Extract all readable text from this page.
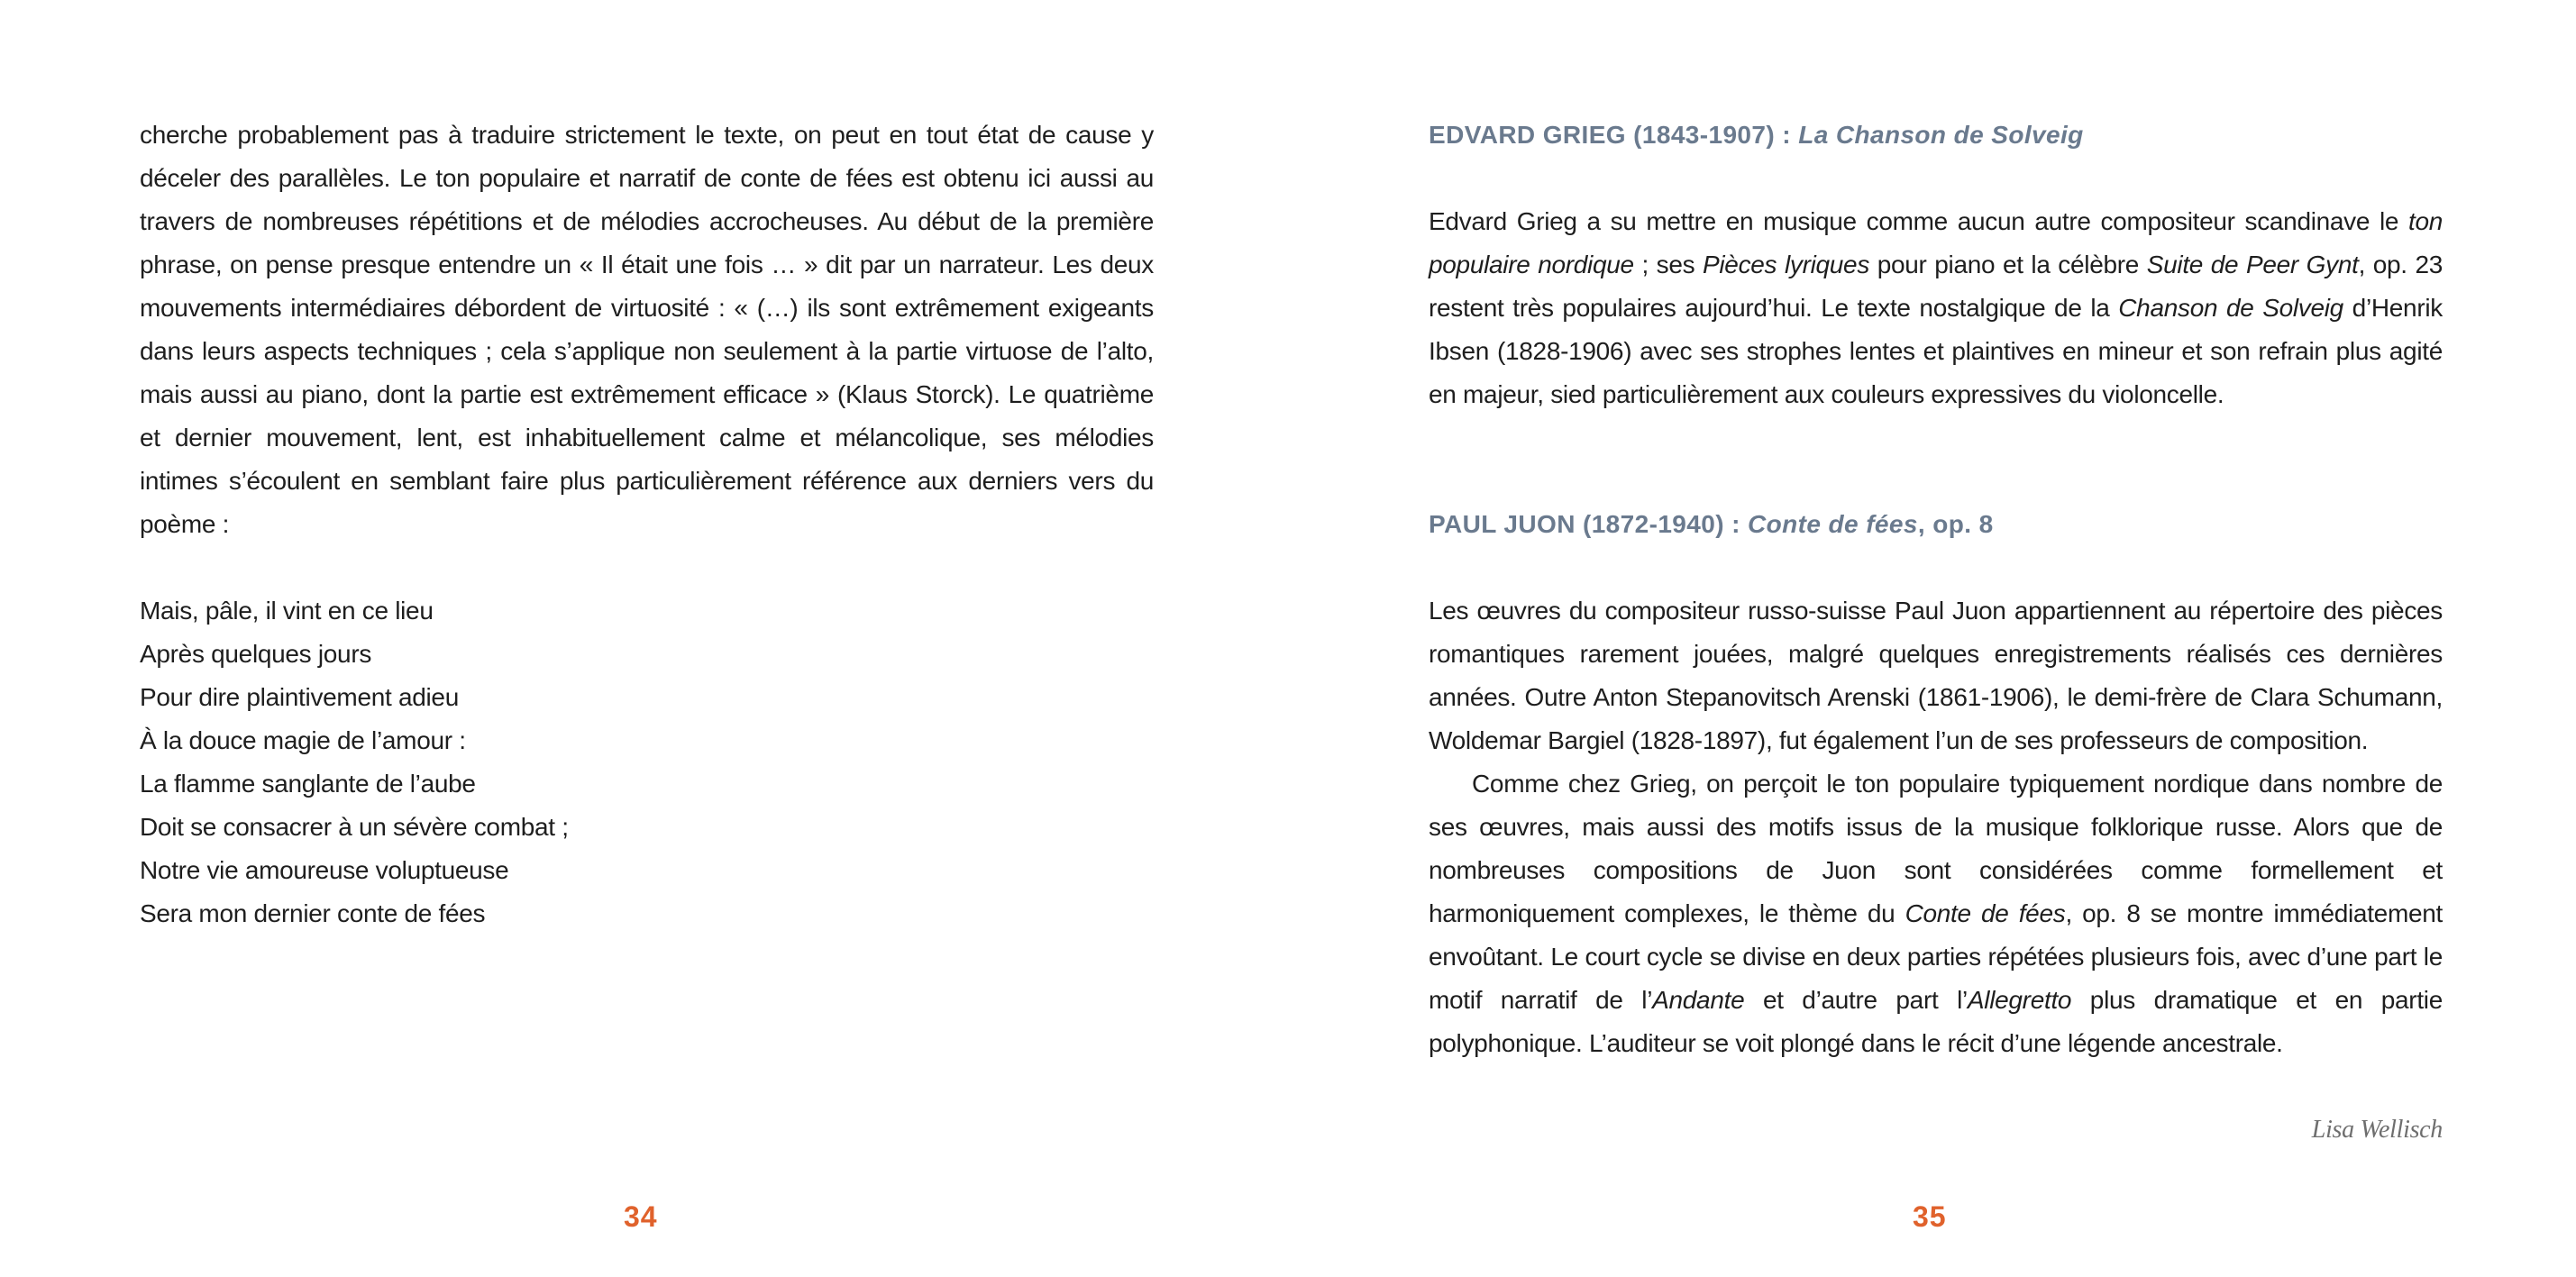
cherche probablement pas à traduire strictement le texte, on peut en tout état de cause y déceler des parallèles. Le ton populaire et narratif de conte de fées est obtenu ici aussi au travers de nombreuses répétitions et de mélodies accrocheuses. Au début de la première phrase, on pense presque entendre un « Il était une fois … » dit par un narrateur. Les deux mouvements intermédiaires débordent de virtuosité : « (…) ils sont extrêmement exigeants dans leurs aspects techniques ; cela s’applique non seulement à la partie virtuose de l’alto, mais aussi au piano, dont la partie est extrêmement efficace » (Klaus Storck). Le quatrième et dernier mouvement, lent, est inhabituellement calme et mélancolique, ses mélodies intimes s’écoulent en semblant faire plus particulièrement référence aux derniers vers du poème :

Mais, pâle, il vint en ce lieu
Après quelques jours
Pour dire plaintivement adieu
À la douce magie de l’amour :
La flamme sanglante de l’aube
Doit se consacrer à un sévère combat ;
Notre vie amoureuse voluptueuse
Sera mon dernier conte de fées
34

EDVARD GRIEG (1843-1907) : La Chanson de Solveig

Edvard Grieg a su mettre en musique comme aucun autre compositeur scandinave le ton populaire nordique ; ses Pièces lyriques pour piano et la célèbre Suite de Peer Gynt, op. 23 restent très populaires aujourd’hui. Le texte nostalgique de la Chanson de Solveig d’Henrik Ibsen (1828-1906) avec ses strophes lentes et plaintives en mineur et son refrain plus agité en majeur, sied particulièrement aux couleurs expressives du violoncelle.

PAUL JUON (1872-1940) : Conte de fées, op. 8

Les œuvres du compositeur russo-suisse Paul Juon appartiennent au répertoire des pièces romantiques rarement jouées, malgré quelques enregistrements réalisés ces dernières années. Outre Anton Stepanovitsch Arenski (1861-1906), le demi-frère de Clara Schumann, Woldemar Bargiel (1828-1897), fut également l’un de ses professeurs de composition.

Comme chez Grieg, on perçoit le ton populaire typiquement nordique dans nombre de ses œuvres, mais aussi des motifs issus de la musique folklorique russe. Alors que de nombreuses compositions de Juon sont considérées comme formellement et harmoniquement complexes, le thème du Conte de fées, op. 8 se montre immédiatement envoûtant. Le court cycle se divise en deux parties répétées plusieurs fois, avec d’une part le motif narratif de l’Andante et d’autre part l’Allegretto plus dramatique et en partie polyphonique. L’auditeur se voit plongé dans le récit d’une légende ancestrale.

Lisa Wellisch

35
